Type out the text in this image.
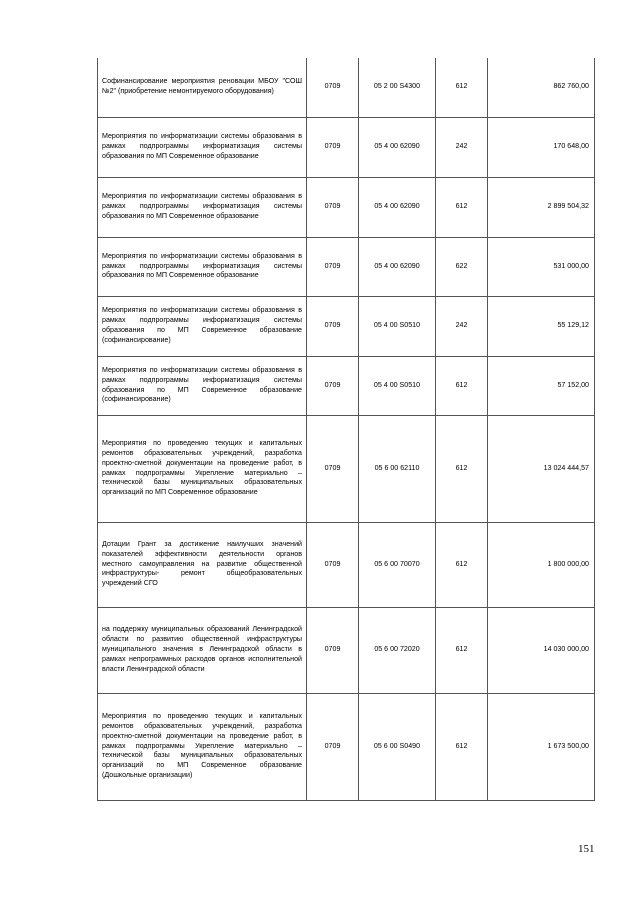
Софинансирование мероприятия реновации МБОУ "СОШ №2" (приобретение немонтируемого оборудования)	0709	05 2 00 S4300	612	862 760,00
Мероприятия по информатизации системы образования в рамках подпрограммы информатизация системы образования по МП Современное образование	0709	05 4 00 62090	242	170 648,00
Мероприятия по информатизации системы образования в рамках подпрограммы информатизация системы образования по МП Современное образование	0709	05 4 00 62090	612	2 899 504,32
Мероприятия по информатизации системы образования в рамках подпрограммы информатизация системы образования по МП Современное образование	0709	05 4 00 62090	622	531 000,00
Мероприятия по информатизации системы образования в рамках подпрограммы информатизация системы образования по МП Современное образование (софинансирование)	0709	05 4 00 S0510	242	55 129,12
Мероприятия по информатизации системы образования в рамках подпрограммы информатизация системы образования по МП Современное образование (софинансирование)	0709	05 4 00 S0510	612	57 152,00
Мероприятия по проведению текущих и капитальных ремонтов образовательных учреждений, разработка проектно-сметной документации на проведение работ, в рамках подпрограммы Укрепление материально – технической базы муниципальных образовательных организаций по МП Современное образование	0709	05 6 00 62110	612	13 024 444,57
Дотации Грант за достижение наилучших значений показателей эффективности деятельности органов местного самоуправления на развитие общественной инфраструктуры- ремонт общеобразовательных учреждений СГО	0709	05 6 00 70070	612	1 800 000,00
на поддержку муниципальных образований Ленинградской области по развитию общественной инфраструктуры муниципального значения в Ленинградской области в рамках непрограммных расходов органов исполнительной власти Ленинградской области	0709	05 6 00 72020	612	14 030 000,00
Мероприятия по проведению текущих и капитальных ремонтов образовательных учреждений, разработка проектно-сметной документации на проведение работ, в рамках подпрограммы Укрепление материально – технической базы муниципальных образовательных организаций по МП Современное образование (Дошкольные организации)	0709	05 6 00 S0490	612	1 673 500,00
151
